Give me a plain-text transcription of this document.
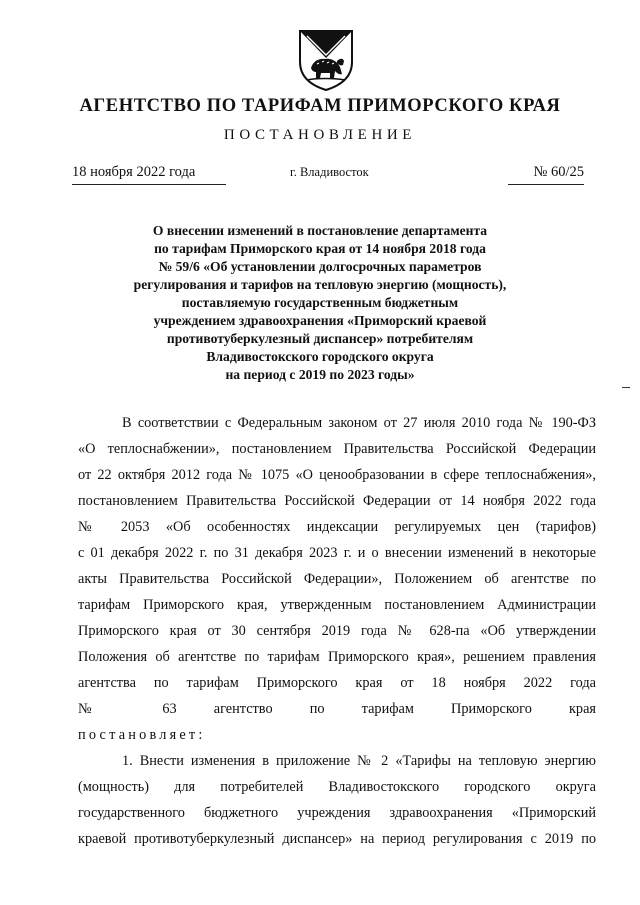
АГЕНТСТВО ПО ТАРИФАМ ПРИМОРСКОГО КРАЯ
ПОСТАНОВЛЕНИЕ
18 ноября 2022 года	г. Владивосток	№ 60/25
О внесении изменений в постановление департамента
по тарифам Приморского края от 14 ноября 2018 года
№ 59/6 «Об установлении долгосрочных параметров
регулирования и тарифов на тепловую энергию (мощность),
поставляемую государственным бюджетным
учреждением здравоохранения «Приморский краевой
противотуберкулезный диспансер» потребителям
Владивостокского городского округа
на период с 2019 по 2023 годы»
В соответствии с Федеральным законом от 27 июля 2010 года № 190-ФЗ
«О теплоснабжении», постановлением Правительства Российской Федерации
от 22 октября 2012 года № 1075 «О ценообразовании в сфере теплоснабжения»,
постановлением Правительства Российской Федерации от 14 ноября 2022 года
№ 2053 «Об особенностях индексации регулируемых цен (тарифов)
с 01 декабря 2022 г. по 31 декабря 2023 г. и о внесении изменений в некоторые
акты Правительства Российской Федерации», Положением об агентстве по
тарифам Приморского края, утвержденным постановлением Администрации
Приморского края от 30 сентября 2019 года № 628-па «Об утверждении
Положения об агентстве по тарифам Приморского края», решением правления
агентства по тарифам Приморского края от 18 ноября 2022 года
№ 63 агентство по тарифам Приморского края
постановляет:
1. Внести изменения в приложение № 2 «Тарифы на тепловую энергию
(мощность) для потребителей Владивостокского городского округа
государственного бюджетного учреждения здравоохранения «Приморский
краевой противотуберкулезный диспансер» на период регулирования с 2019 по
